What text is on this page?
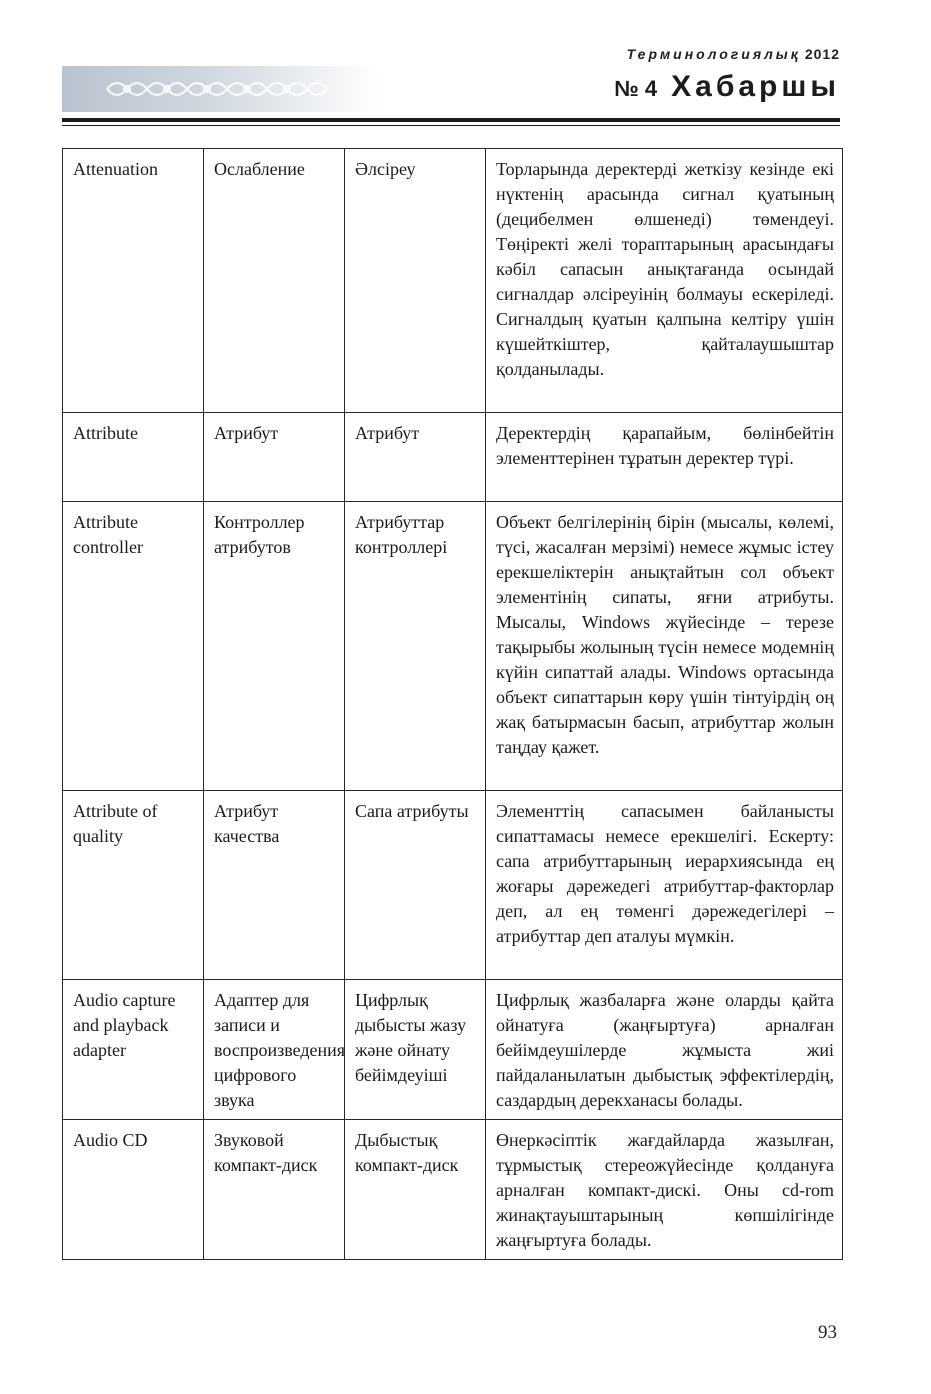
Терминологиялық 2012
№ 4 Хабаршы
Attenuation	Ослабление	Әлсіреу	Торларында деректерді жеткізу кезінде екі нүктенің арасында сигнал қуатының (децибелмен өлшенеді) төмендеуі. Төңіректі желі торaптарының арасындағы кәбіл сапасын анықтағанда осындай сигналдар әлсіреуінің болмауы ескеріледі. Сигналдың қуатын қалпына келтіру үшін күшейткіштер, қайталаушыштар қолданылады.
Attribute	Атрибут	Атрибут	Деректердің қарапайым, бөлінбейтін элементтерінен тұратын деректер түрі.
Attribute controller	Контроллер атрибутов	Атрибуттар контроллері	Объект белгілерінің бірін (мысалы, көлемі, түсі, жасалған мерзімі) немесе жұмыс істеу ерекшеліктерін анықтайтын сол объект элементінің сипаты, яғни атрибуты. Мысалы, Windows жүйесінде – терезе тақырыбы жолының түсін немесе модемнің күйін сипаттай алады. Windows ортасында объект сипаттарын көру үшін тінтуірдің оң жақ батырмасын басып, атрибуттар жолын таңдау қажет.
Attribute of quality	Атрибут качества	Сапа атрибуты	Элементтің сапасымен байланысты сипаттамасы немесе ерекшелігі. Ескерту: сапа атрибуттарының иерархиясында ең жоғары дәрежедегі атрибуттар-факторлар деп, ал ең төменгі дәрежедегілері – атрибуттар деп аталуы мүмкін.
Audio capture and playback adapter	Адаптер для записи и воспроизведения цифрового звука	Цифрлық дыбысты жазу және ойнату бейімдеуіші	Цифрлық жазбаларға және оларды қайта ойнатуға (жаңғыртуға) арналған бейімдеушілерде жұмыста жиі пайдаланылатын дыбыстық эффектілердің, саздардың дерекханасы болады.
Audio CD	Звуковой компакт-диск	Дыбыстық компакт-диск	Өнеркәсіптік жағдайларда жазылған, тұрмыстық стереожүйесінде қолдануға арналған компакт-дискі. Оны cd-rom жинақтауыштарының көпшілігінде жаңғыртуға болады.
93
